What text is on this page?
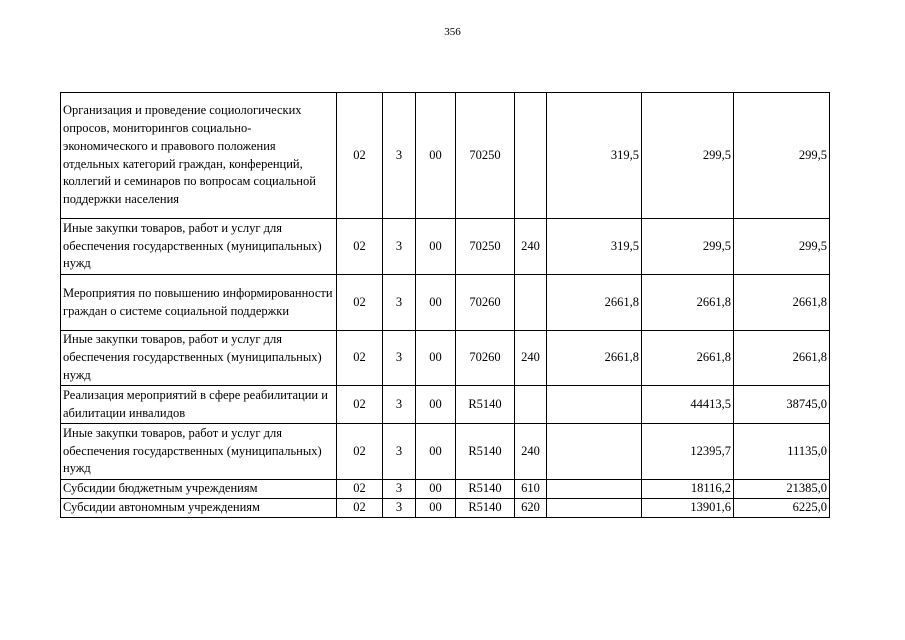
356
Организация и проведение социологических опросов, мониторингов социально-экономического и правового положения отдельных категорий граждан, конференций, коллегий и семинаров по вопросам социальной поддержки населения	02	3	00	70250		319,5	299,5	299,5
Иные закупки товаров, работ и услуг для обеспечения государственных (муниципальных) нужд	02	3	00	70250	240	319,5	299,5	299,5
Мероприятия по повышению информированности граждан о системе социальной поддержки	02	3	00	70260		2661,8	2661,8	2661,8
Иные закупки товаров, работ и услуг для обеспечения государственных (муниципальных) нужд	02	3	00	70260	240	2661,8	2661,8	2661,8
Реализация мероприятий в сфере реабилитации и абилитации инвалидов	02	3	00	R5140			44413,5	38745,0
Иные закупки товаров, работ и услуг для обеспечения государственных (муниципальных) нужд	02	3	00	R5140	240		12395,7	11135,0
Субсидии бюджетным учреждениям	02	3	00	R5140	610		18116,2	21385,0
Субсидии автономным учреждениям	02	3	00	R5140	620		13901,6	6225,0
